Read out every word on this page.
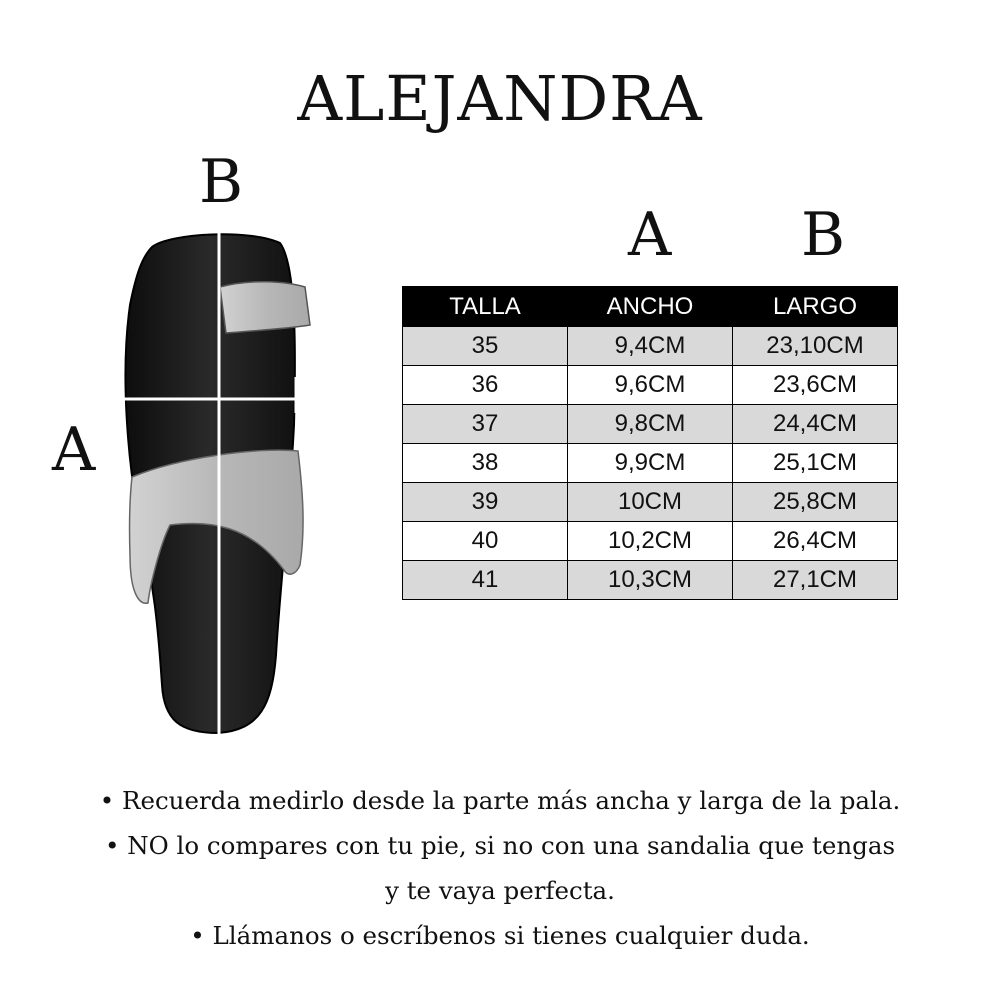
ALEJANDRA
B
A
A B
TALLA	ANCHO	LARGO
35	9,4CM	23,10CM
36	9,6CM	23,6CM
37	9,8CM	24,4CM
38	9,9CM	25,1CM
39	10CM	25,8CM
40	10,2CM	26,4CM
41	10,3CM	27,1CM

• Recuerda medirlo desde la parte más ancha y larga de la pala.

• NO lo compares con tu pie, si no con una sandalia que tengas

y te vaya perfecta.

• Llámanos o escríbenos si tienes cualquier duda.
